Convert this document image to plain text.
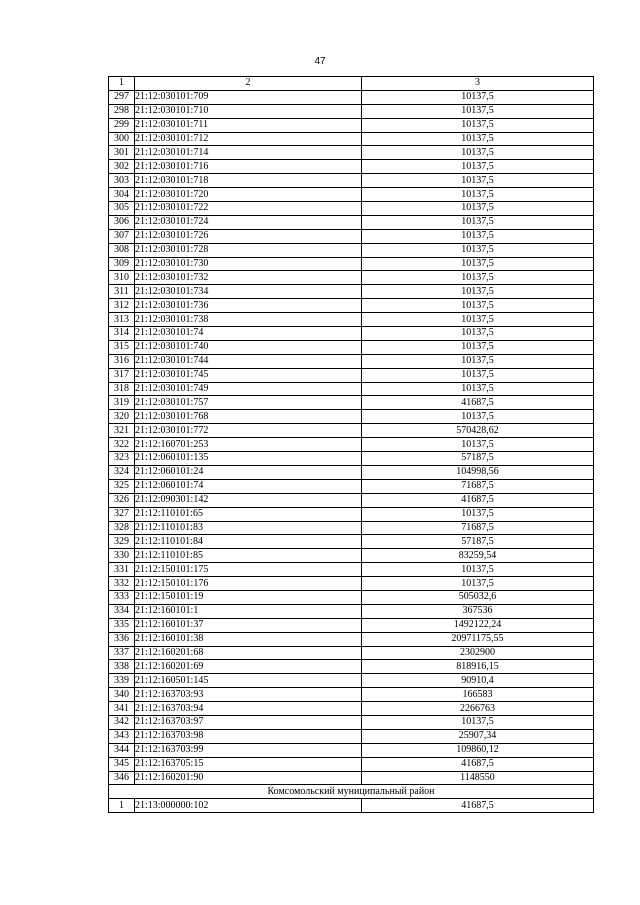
47
1	2	3
297	21:12:030101:709	10137,5
298	21:12:030101:710	10137,5
299	21:12:030101:711	10137,5
300	21:12:030101:712	10137,5
301	21:12:030101:714	10137,5
302	21:12:030101:716	10137,5
303	21:12:030101:718	10137,5
304	21:12:030101:720	10137,5
305	21:12:030101:722	10137,5
306	21:12:030101:724	10137,5
307	21:12:030101:726	10137,5
308	21:12:030101:728	10137,5
309	21:12:030101:730	10137,5
310	21:12:030101:732	10137,5
311	21:12:030101:734	10137,5
312	21:12:030101:736	10137,5
313	21:12:030101:738	10137,5
314	21:12:030101:74	10137,5
315	21:12:030101:740	10137,5
316	21:12:030101:744	10137,5
317	21:12:030101:745	10137,5
318	21:12:030101:749	10137,5
319	21:12:030101:757	41687,5
320	21:12:030101:768	10137,5
321	21:12:030101:772	570428,62
322	21:12:160701:253	10137,5
323	21:12:060101:135	57187,5
324	21:12:060101:24	104998,56
325	21:12:060101:74	71687,5
326	21:12:090301:142	41687,5
327	21:12:110101:65	10137,5
328	21:12:110101:83	71687,5
329	21:12:110101:84	57187,5
330	21:12:110101:85	83259,54
331	21:12:150101:175	10137,5
332	21:12:150101:176	10137,5
333	21:12:150101:19	505032,6
334	21:12:160101:1	367536
335	21:12:160101:37	1492122,24
336	21:12:160101:38	20971175,55
337	21:12:160201:68	2302900
338	21:12:160201:69	818916,15
339	21:12:160501:145	90910,4
340	21:12:163703:93	166583
341	21:12:163703:94	2266763
342	21:12:163703:97	10137,5
343	21:12:163703:98	25907,34
344	21:12:163703:99	109860,12
345	21:12:163705:15	41687,5
346	21:12:160201:90	1148550
Комсомольский муниципальный район		
1	21:13:000000:102	41687,5
